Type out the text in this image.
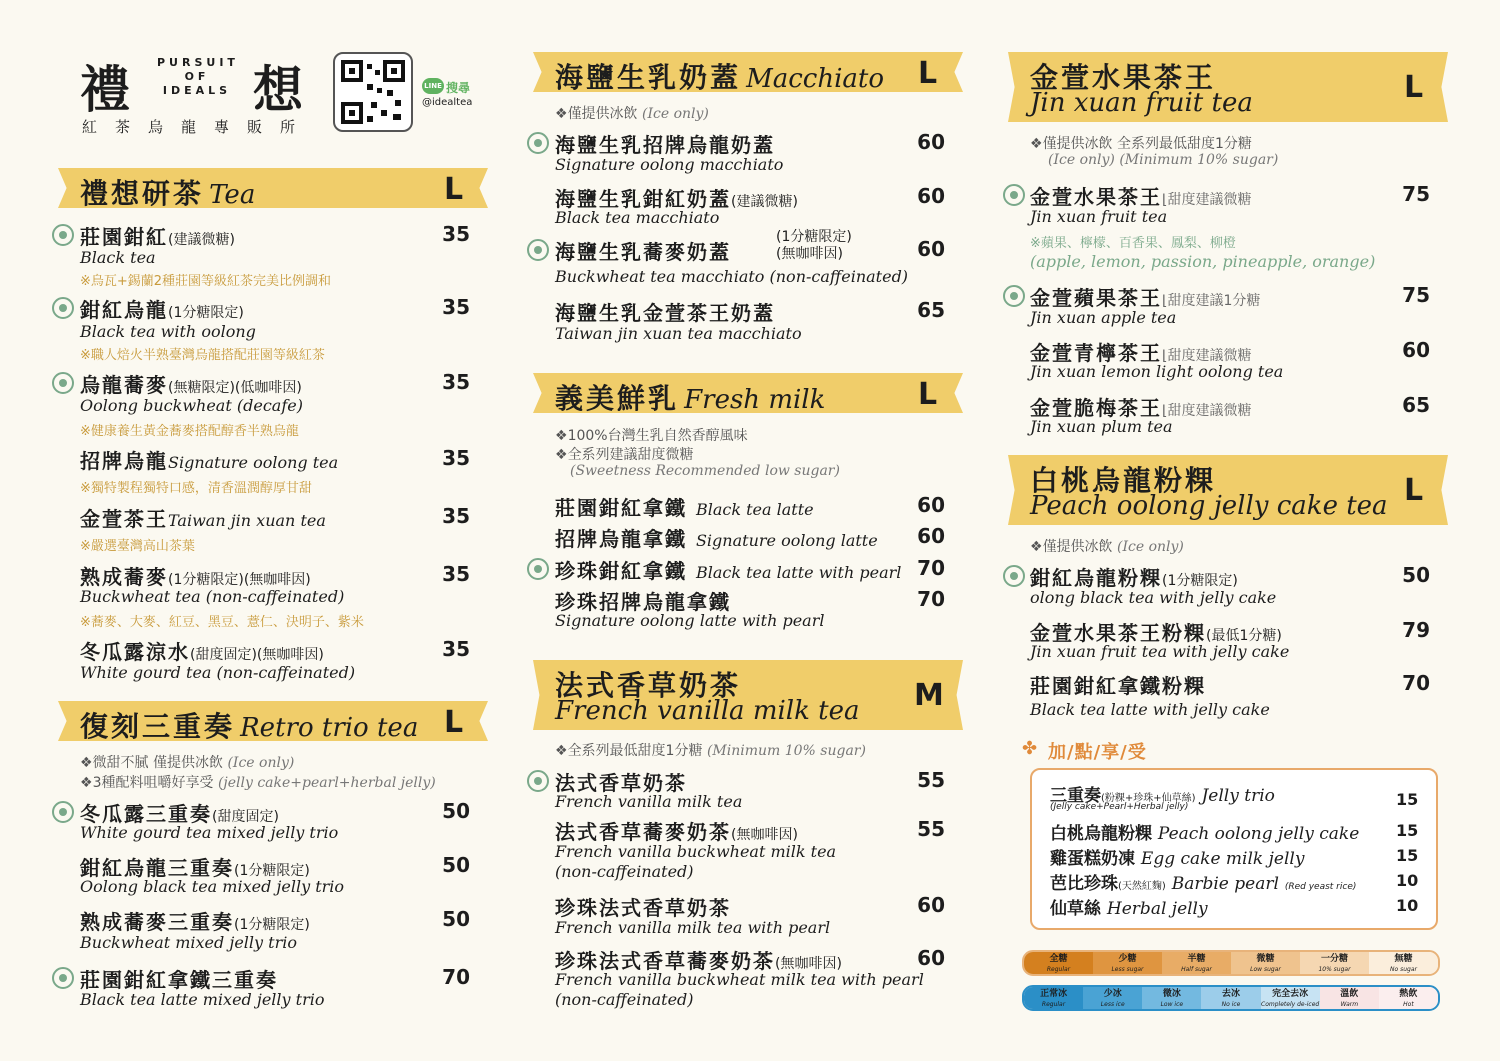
禮 PURSUIT
OF
IDEALS 想
紅茶烏龍專販所
LINE 搜尋
@idealtea
禮想研茶 Tea	L
莊園鉗紅(建議微糖)
Black tea
※烏瓦+錫蘭2種莊園等級紅茶完美比例調和
35
鉗紅烏龍(1分糖限定)
Black tea with oolong
※職人焙火半熟臺灣烏龍搭配莊園等級紅茶
35
烏龍蕎麥(無糖限定)(低咖啡因)
Oolong buckwheat (decafe)
※健康養生黃金蕎麥搭配醇香半熟烏龍
35
招牌烏龍Signature oolong tea
※獨特製程獨特口感，清香溫潤醇厚甘甜
35
金萱茶王Taiwan jin xuan tea
※嚴選臺灣高山茶葉
35
熟成蕎麥(1分糖限定)(無咖啡因)
Buckwheat tea (non-caffeinated)
※蕎麥、大麥、紅豆、黑豆、薏仁、決明子、紫米
35
冬瓜露涼水(甜度固定)(無咖啡因)
White gourd tea (non-caffeinated)
35
復刻三重奏 Retro trio tea L
❖微甜不膩 僅提供冰飲 (Ice only)
❖3種配料咀嚼好享受 (jelly cake+pearl+herbal jelly)
冬瓜露三重奏(甜度固定)
White gourd tea mixed jelly trio
50
鉗紅烏龍三重奏(1分糖限定)
Oolong black tea mixed jelly trio
50
熟成蕎麥三重奏(1分糖限定)
Buckwheat mixed jelly trio
50
莊園鉗紅拿鐵三重奏
Black tea latte mixed jelly trio
70
海鹽生乳奶蓋 Macchiato L
❖僅提供冰飲 (Ice only)
海鹽生乳招牌烏龍奶蓋
Signature oolong macchiato
60
海鹽生乳鉗紅奶蓋(建議微糖)
Black tea macchiato
60
海鹽生乳蕎麥奶蓋
(1分糖限定)
(無咖啡因)
Buckwheat tea macchiato (non-caffeinated)
60
海鹽生乳金萱茶王奶蓋
Taiwan jin xuan tea macchiato
65
義美鮮乳 Fresh milk	L
❖100%台灣生乳自然香醇風味
❖全系列建議甜度微糖
(Sweetness Recommended low sugar)
莊園鉗紅拿鐵 Black tea latte	60
招牌烏龍拿鐵 Signature oolong latte	60
珍珠鉗紅拿鐵 Black tea latte with pearl 70
珍珠招牌烏龍拿鐵
Signature oolong latte with pearl
70
法式香草奶茶
French vanilla milk tea M
❖全系列最低甜度1分糖 (Minimum 10% sugar)
法式香草奶茶
French vanilla milk tea
55
法式香草蕎麥奶茶(無咖啡因)
French vanilla buckwheat milk tea
(non-caffeinated)
55
珍珠法式香草奶茶
French vanilla milk tea with pearl
60
珍珠法式香草蕎麥奶茶(無咖啡因)
French vanilla buckwheat milk tea with pearl
(non-caffeinated)
60
金萱水果茶王
Jin xuan fruit tea	L
❖僅提供冰飲 全系列最低甜度1分糖
(Ice only) (Minimum 10% sugar)
金萱水果茶王⌊甜度建議微糖
Jin xuan fruit tea
※蘋果、檸檬、百香果、鳳梨、柳橙
(apple, lemon, passion, pineapple, orange)
75
金萱蘋果茶王⌊甜度建議1分糖
Jin xuan apple tea
75
金萱青檸茶王⌊甜度建議微糖
Jin xuan lemon light oolong tea
60
金萱脆梅茶王⌊甜度建議微糖
Jin xuan plum tea
65
白桃烏龍粉粿
Peach oolong jelly cake tea L
❖僅提供冰飲 (Ice only)
鉗紅烏龍粉粿(1分糖限定)
olong black tea with jelly cake
50
金萱水果茶王粉粿(最低1分糖)
Jin xuan fruit tea with jelly cake
79
莊園鉗紅拿鐵粉粿
Black tea latte with jelly cake
70
✤ 加/點/享/受
三重奏(粉粿+珍珠+仙草絲) Jelly trio
(Jelly cake+Pearl+Herbal jelly)	15
白桃烏龍粉粿 Peach oolong jelly cake 15
雞蛋糕奶凍 Egg cake milk jelly	15
芭比珍珠(天然紅麴) Barbie pearl (Red yeast rice) 10
仙草絲 Herbal jelly	10
全糖
Regular
少糖
Less sugar
半糖
Half sugar
微糖
Low sugar
一分糖
10% sugar
無糖
No sugar
正常冰
Regular
少冰
Less ice
微冰
Low ice
去冰
No ice
完全去冰
Completely de-iced
溫飲
Warm
熱飲
Hot
